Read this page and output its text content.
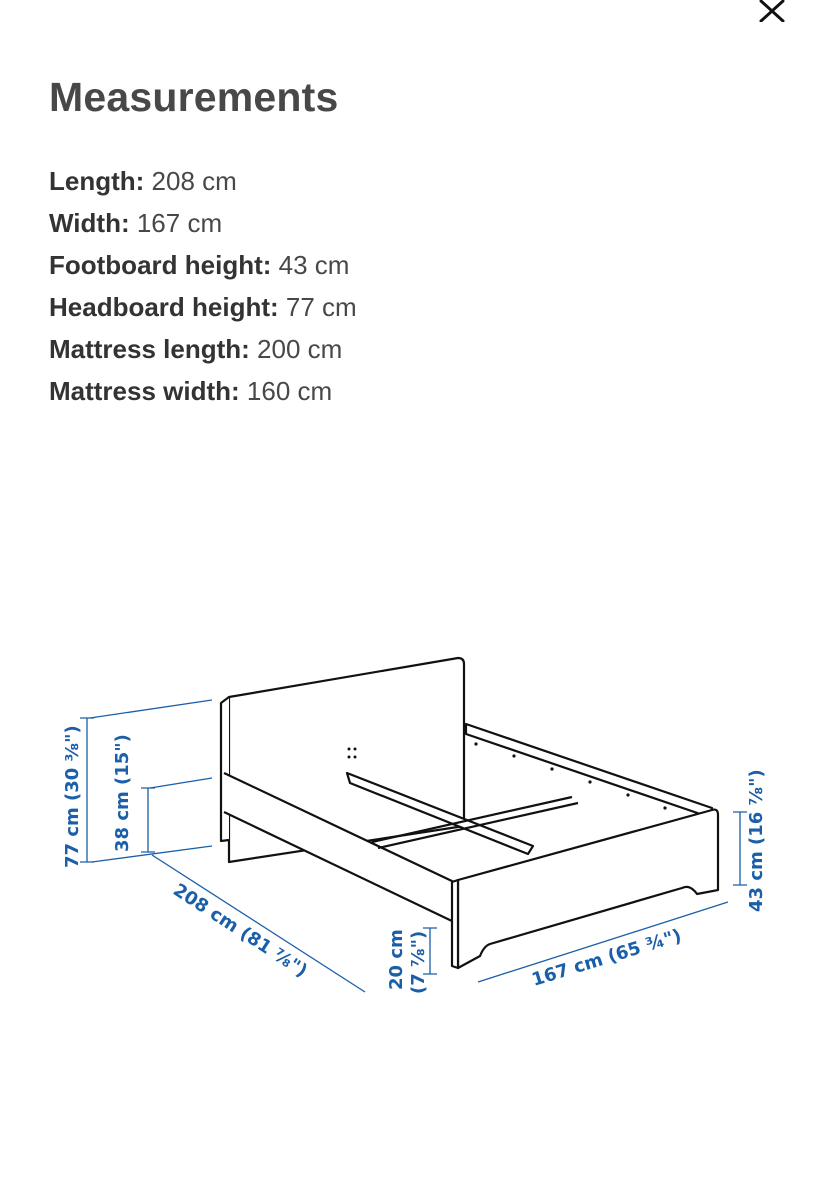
Measurements
Length: 208 cm
Width: 167 cm
Footboard height: 43 cm
Headboard height: 77 cm
Mattress length: 200 cm
Mattress width: 160 cm
77 cm (30 ⅜") 38 cm (15")
208 cm (81 ⅞")	20 cm (7 ⅞")	167 cm (65 ¾")
43 cm (16 ⅞")
